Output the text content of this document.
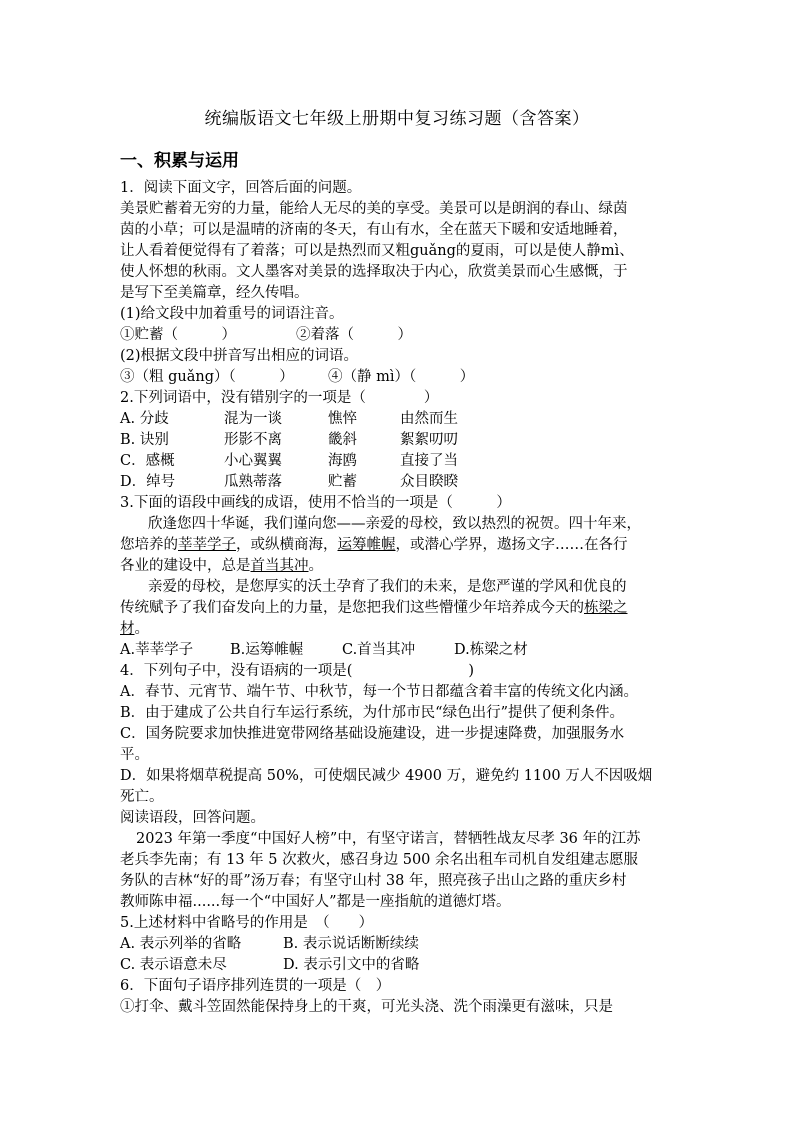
统编版语文七年级上册期中复习练习题（含答案）
一、积累与运用
1．阅读下面文字，回答后面的问题。
美景贮蓄着无穷的力量，能给人无尽的美的享受。美景可以是朗润的春山、绿茵
茵的小草；可以是温晴的济南的冬天，有山有水，全在蓝天下暖和安适地睡着，
让人看着便觉得有了着落；可以是热烈而又粗guǎng的夏雨，可以是使人静mì、
使人怀想的秋雨。文人墨客对美景的选择取决于内心，欣赏美景而心生感慨，于
是写下至美篇章，经久传唱。
(1)给文段中加着重号的词语注音。
①贮蓄（　　　）	②着落（　　　）
(2)根据文段中拼音写出相应的词语。
③（粗 guǎng）（　　　） ④（静 mì）（　　　）
2.下列词语中，没有错别字的一项是（　　　　）
A. 分歧	混为一谈	憔悴	由然而生
B. 诀别	形影不离	畿斜	絮絮叨叨
C．感概	小心翼翼	海鸥	直接了当
D．绰号	瓜熟蒂落	贮蓄	众目睽睽
3.下面的语段中画线的成语，使用不恰当的一项是（　　　）
欣逢您四十华诞，我们谨向您——亲爱的母校，致以热烈的祝贺。四十年来，
您培养的莘莘学子，或纵横商海，运筹帷幄，或潜心学界，遨扬文字……在各行
各业的建设中，总是首当其冲。
亲爱的母校，是您厚实的沃土孕育了我们的未来，是您严谨的学风和优良的
传统赋予了我们奋发向上的力量，是您把我们这些懵懂少年培养成今天的栋梁之
材。
A.莘莘学子	B.运筹帷幄	C.首当其冲	D.栋梁之材
4．下列句子中，没有语病的一项是(　　　　　　　　)
A．春节、元宵节、端午节、中秋节，每一个节日都蕴含着丰富的传统文化内涵。
B．由于建成了公共自行车运行系统，为什邡市民“绿色出行”提供了便利条件。
C．国务院要求加快推进宽带网络基础设施建设，进一步提速降费，加强服务水
平。
D．如果将烟草税提高 50%，可使烟民减少 4900 万，避免约 1100 万人不因吸烟
死亡。
阅读语段，回答问题。
2023 年第一季度“中国好人榜”中，有坚守诺言，替牺牲战友尽孝 36 年的江苏
老兵李先南；有 13 年 5 次救火，感召身边 500 余名出租车司机自发组建志愿服
务队的吉林“好的哥”汤万春；有坚守山村 38 年，照亮孩子出山之路的重庆乡村
教师陈申福......每一个“中国好人”都是一座指航的道德灯塔。
5.上述材料中省略号的作用是　（　　）
A. 表示列举的省略	B. 表示说话断断续续
C. 表示语意未尽	D. 表示引文中的省略
6．下面句子语序排列连贯的一项是（　）
①打伞、戴斗笠固然能保持身上的干爽，可光头浇、洗个雨澡更有滋味，只是
